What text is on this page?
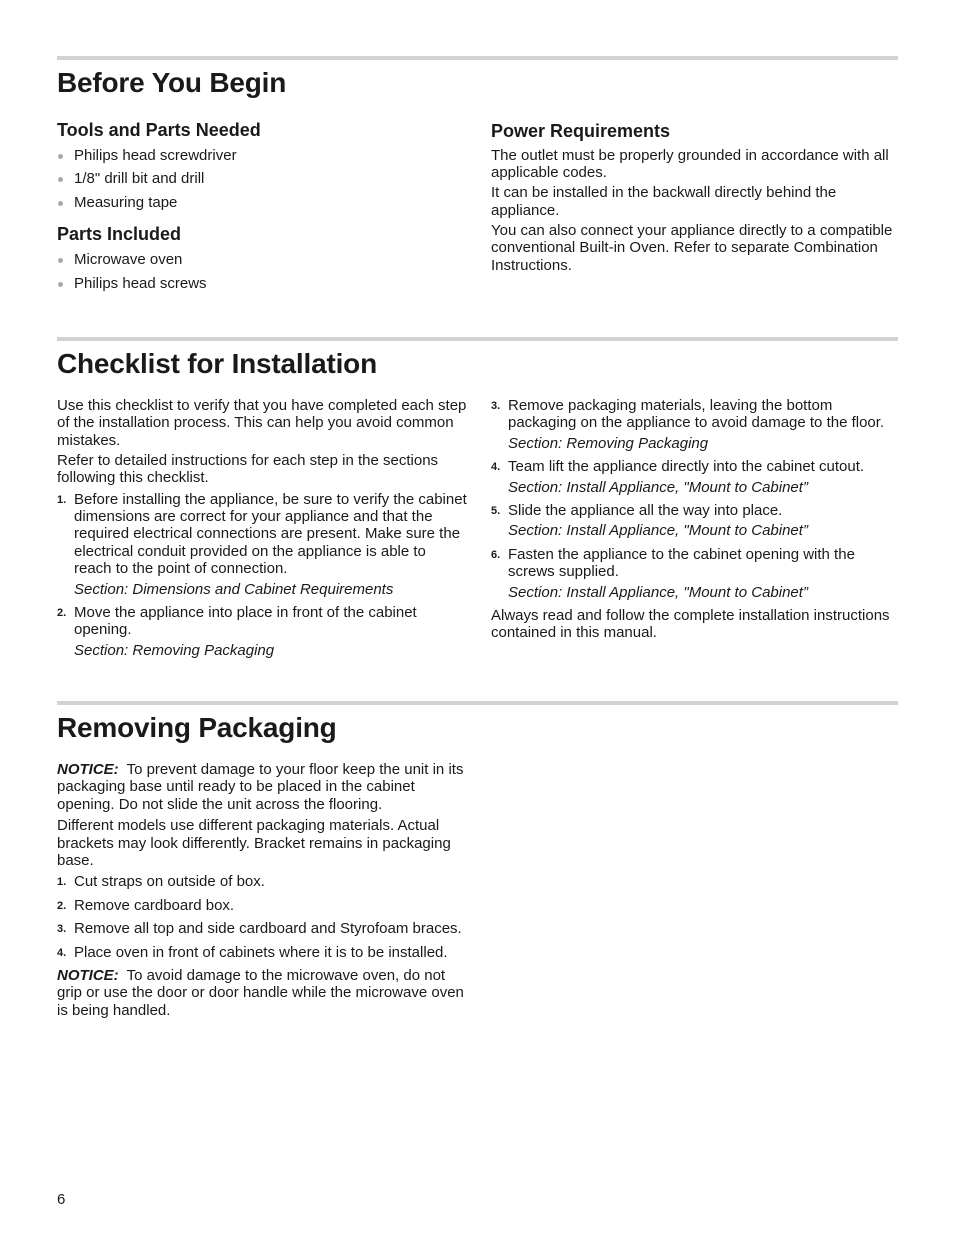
Before You Begin
Tools and Parts Needed
Philips head screwdriver
1/8" drill bit and drill
Measuring tape
Parts Included
Microwave oven
Philips head screws
Power Requirements

The outlet must be properly grounded in accordance with all applicable codes.

It can be installed in the backwall directly behind the appliance.

You can also connect your appliance directly to a compatible conventional Built-in Oven. Refer to separate Combination Instructions.

Checklist for Installation

Use this checklist to verify that you have completed each step of the installation process. This can help you avoid common mistakes.

Refer to detailed instructions for each step in the sections following this checklist.

1. Before installing the appliance, be sure to verify the cabinet dimensions are correct for your appliance and that the required electrical connections are present. Make sure the electrical conduit provided on the appliance is able to reach to the point of connection.
Section: Dimensions and Cabinet Requirements
2. Move the appliance into place in front of the cabinet opening.
Section: Removing Packaging
3. Remove packaging materials, leaving the bottom packaging on the appliance to avoid damage to the floor.
Section: Removing Packaging
4. Team lift the appliance directly into the cabinet cutout.
Section: Install Appliance, "Mount to Cabinet”
5. Slide the appliance all the way into place.
Section: Install Appliance, "Mount to Cabinet”
6. Fasten the appliance to the cabinet opening with the screws supplied.
Section: Install Appliance, "Mount to Cabinet”

Always read and follow the complete installation instructions contained in this manual.

Removing Packaging

NOTICE: To prevent damage to your floor keep the unit in its packaging base until ready to be placed in the cabinet opening. Do not slide the unit across the flooring.

Different models use different packaging materials. Actual brackets may look differently. Bracket remains in packaging base.

1. Cut straps on outside of box.
2. Remove cardboard box.
3. Remove all top and side cardboard and Styrofoam braces.
4. Place oven in front of cabinets where it is to be installed.

NOTICE: To avoid damage to the microwave oven, do not grip or use the door or door handle while the microwave oven is being handled.

6
